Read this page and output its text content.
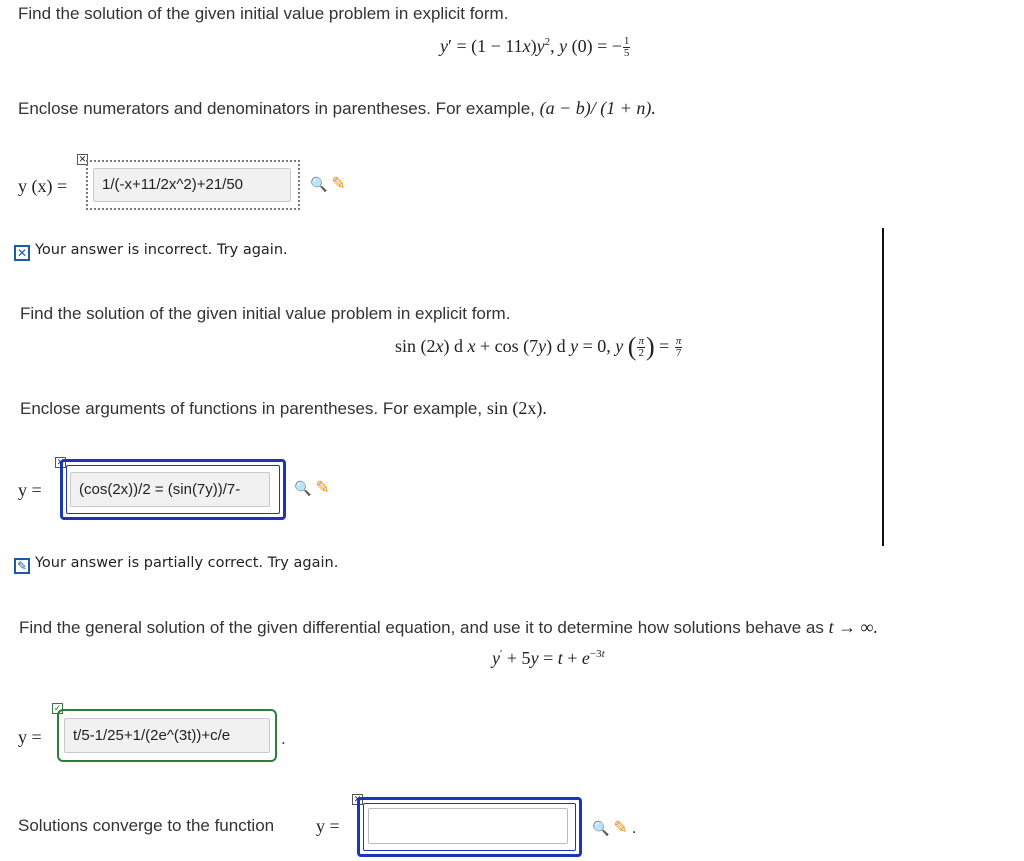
Find the solution of the given initial value problem in explicit form.
$y' = (1 - 11x)y^2$, y (0) = − $\frac{1}{5}$
Enclose numerators and denominators in parentheses. For example, (a − b)/ (1 + n).
y (x) =
✕
1/(-x+11/2x^2)+21/50	🔍 ✎
✕ Your answer is incorrect. Try again.
Find the solution of the given initial value problem in explicit form.
sin (2x) d x + cos (7y) d y = 0, y ( $\frac{\pi}{2}$ ) = $\frac{\pi}{7}$
Enclose arguments of functions in parentheses. For example, sin (2x).
y =
✕
(cos(2x))/2 = (sin(7y))/7-	🔍 ✎
✎ Your answer is partially correct. Try again.
Find the general solution of the given differential equation, and use it to determine how solutions behave as t → ∞.
$y' + 5y = t + e^{-3t}$
y =
✓
t/5-1/25+1/(2e^(3t))+c/e	.
Solutions converge to the function y =
✕
🔍 ✎ .
